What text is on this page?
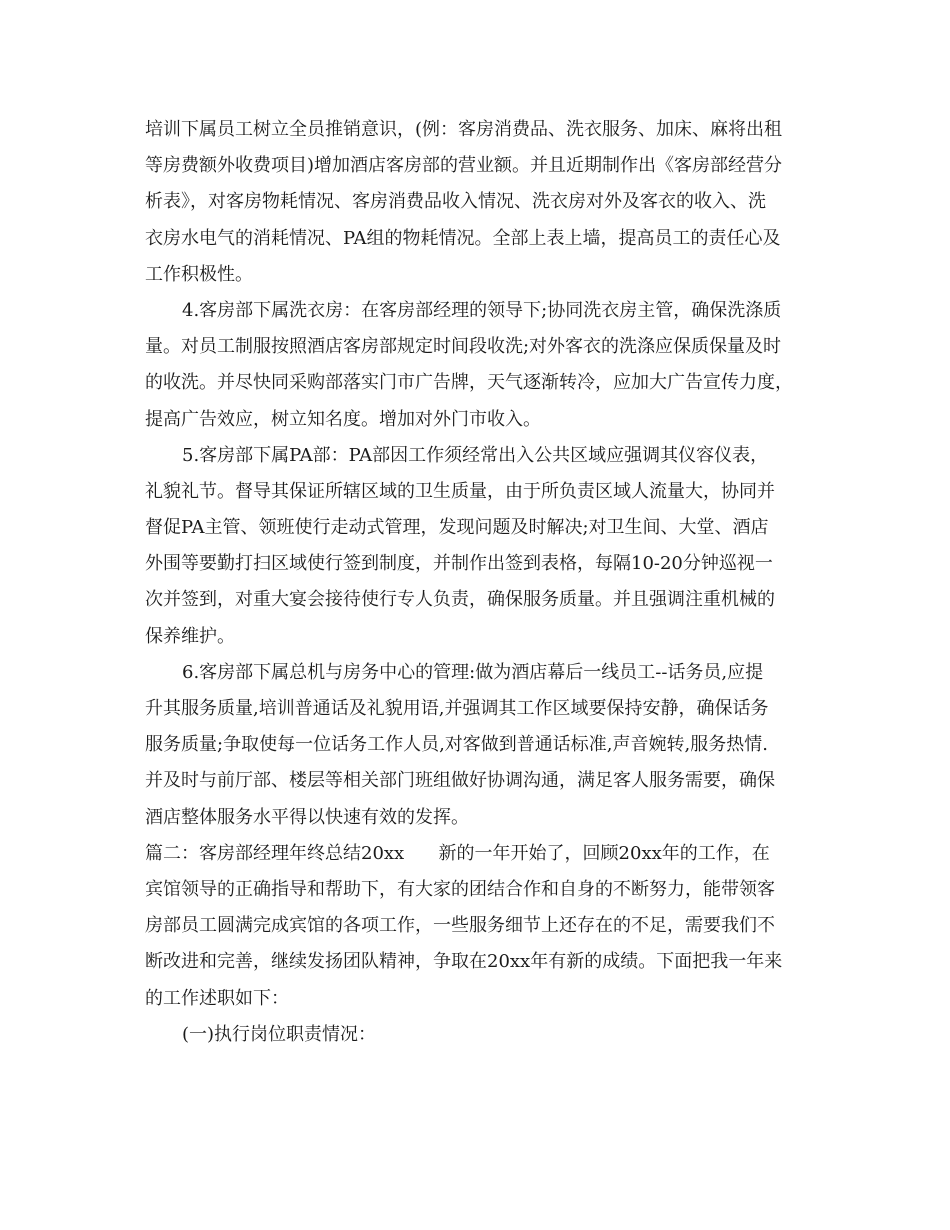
培训下属员工树立全员推销意识，(例：客房消费品、洗衣服务、加床、麻将出租
等房费额外收费项目)增加酒店客房部的营业额。并且近期制作出《客房部经营分
析表》，对客房物耗情况、客房消费品收入情况、洗衣房对外及客衣的收入、洗
衣房水电气的消耗情况、PA组的物耗情况。全部上表上墙，提高员工的责任心及
工作积极性。
4.客房部下属洗衣房：在客房部经理的领导下;协同洗衣房主管，确保洗涤质
量。对员工制服按照酒店客房部规定时间段收洗;对外客衣的洗涤应保质保量及时
的收洗。并尽快同采购部落实门市广告牌，天气逐渐转冷，应加大广告宣传力度，
提高广告效应，树立知名度。增加对外门市收入。
5.客房部下属PA部：PA部因工作须经常出入公共区域应强调其仪容仪表，
礼貌礼节。督导其保证所辖区域的卫生质量，由于所负责区域人流量大，协同并
督促PA主管、领班使行走动式管理，发现问题及时解决;对卫生间、大堂、酒店
外围等要勤打扫区域使行签到制度，并制作出签到表格，每隔10-20分钟巡视一
次并签到，对重大宴会接待使行专人负责，确保服务质量。并且强调注重机械的
保养维护。
6.客房部下属总机与房务中心的管理:做为酒店幕后一线员工--话务员,应提
升其服务质量,培训普通话及礼貌用语,并强调其工作区域要保持安静，确保话务
服务质量;争取使每一位话务工作人员,对客做到普通话标准,声音婉转,服务热情.
并及时与前厅部、楼层等相关部门班组做好协调沟通，满足客人服务需要，确保
酒店整体服务水平得以快速有效的发挥。
篇二：客房部经理年终总结20xx      新的一年开始了，回顾20xx年的工作，在
宾馆领导的正确指导和帮助下，有大家的团结合作和自身的不断努力，能带领客
房部员工圆满完成宾馆的各项工作，一些服务细节上还存在的不足，需要我们不
断改进和完善，继续发扬团队精神，争取在20xx年有新的成绩。下面把我一年来
的工作述职如下：
(一)执行岗位职责情况：
